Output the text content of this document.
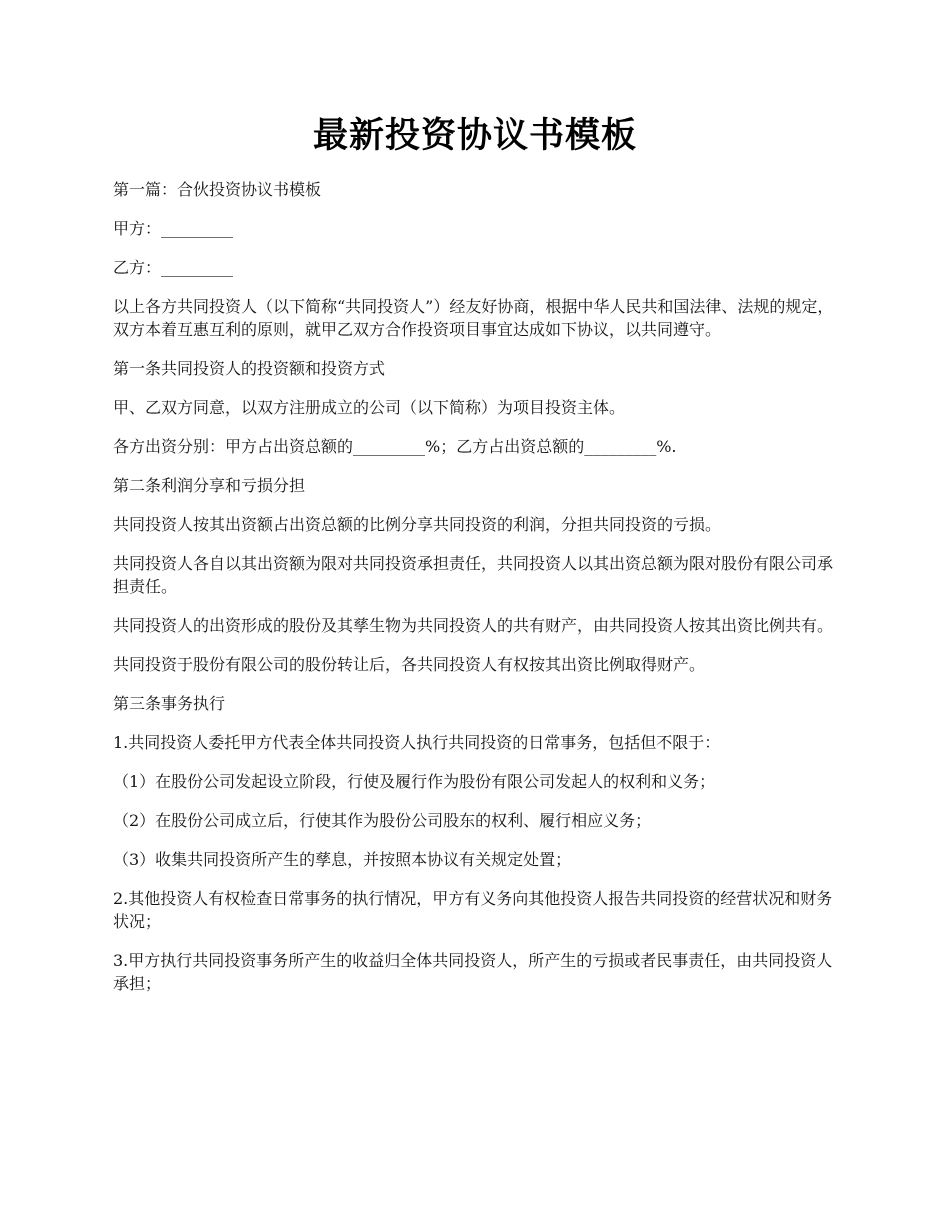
最新投资协议书模板

第一篇：合伙投资协议书模板

甲方：_________

乙方：_________

以上各方共同投资人（以下简称“共同投资人”）经友好协商，根据中华人民共和国法律、法规的规定，双方本着互惠互利的原则，就甲乙双方合作投资项目事宜达成如下协议，以共同遵守。

第一条共同投资人的投资额和投资方式

甲、乙双方同意，以双方注册成立的公司（以下简称）为项目投资主体。

各方出资分别：甲方占出资总额的_________%；乙方占出资总额的_________%.

第二条利润分享和亏损分担

共同投资人按其出资额占出资总额的比例分享共同投资的利润，分担共同投资的亏损。

共同投资人各自以其出资额为限对共同投资承担责任，共同投资人以其出资总额为限对股份有限公司承担责任。

共同投资人的出资形成的股份及其孳生物为共同投资人的共有财产，由共同投资人按其出资比例共有。

共同投资于股份有限公司的股份转让后，各共同投资人有权按其出资比例取得财产。

第三条事务执行

1.共同投资人委托甲方代表全体共同投资人执行共同投资的日常事务，包括但不限于：

（1）在股份公司发起设立阶段，行使及履行作为股份有限公司发起人的权利和义务；

（2）在股份公司成立后，行使其作为股份公司股东的权利、履行相应义务；

（3）收集共同投资所产生的孳息，并按照本协议有关规定处置；

2.其他投资人有权检查日常事务的执行情况，甲方有义务向其他投资人报告共同投资的经营状况和财务状况；

3.甲方执行共同投资事务所产生的收益归全体共同投资人，所产生的亏损或者民事责任，由共同投资人承担；
